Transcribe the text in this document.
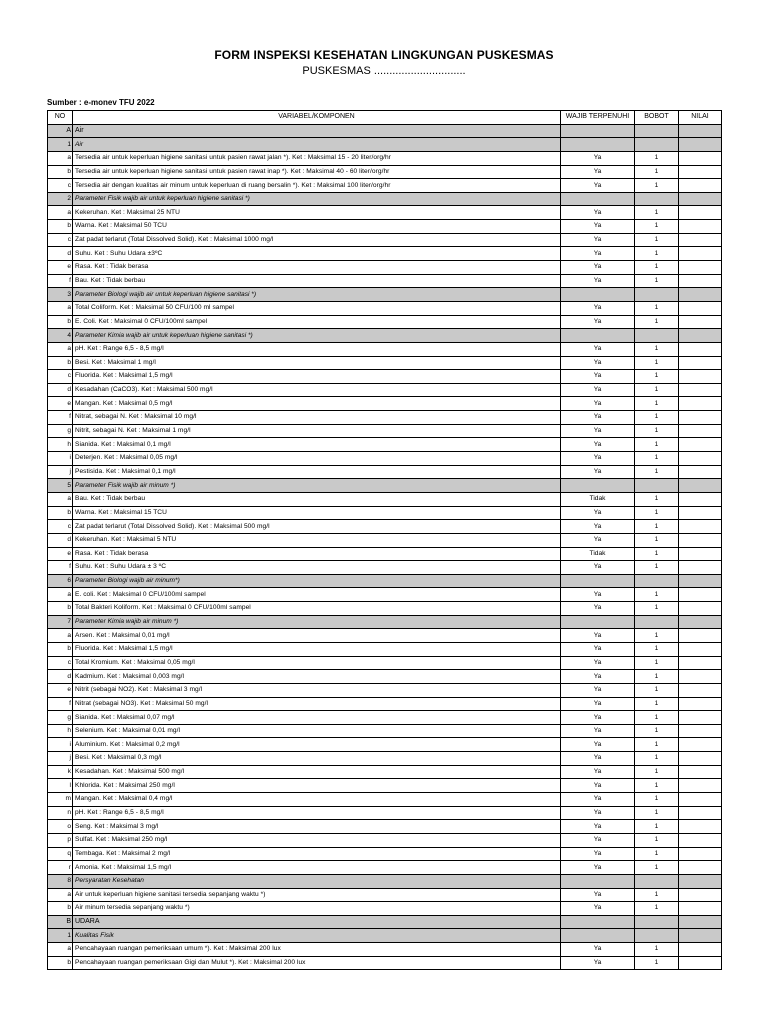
FORM INSPEKSI KESEHATAN LINGKUNGAN PUSKESMAS
PUSKESMAS ..............................
Sumber : e-monev TFU 2022
NO	VARIABEL/KOMPONEN	WAJIB TERPENUHI	BOBOT	NILAI
A	Air			
1	Air			
a	Tersedia air untuk keperluan higiene sanitasi untuk pasien rawat jalan *). Ket : Maksimal 15 - 20 liter/org/hr	Ya	1	
b	Tersedia air untuk keperluan higiene sanitasi untuk pasien rawat inap *). Ket : Maksimal 40 - 60 liter/org/hr	Ya	1	
c	Tersedia air dengan kualitas air minum untuk keperluan di ruang bersalin *). Ket : Maksimal 100 liter/org/hr	Ya	1	
2	Parameter Fisik wajib air untuk keperluan higiene sanitasi *)			
a	Kekeruhan. Ket : Maksimal 25 NTU	Ya	1	
b	Warna. Ket : Maksimal 50 TCU	Ya	1	
c	Zat padat terlarut (Total Dissolved Solid). Ket : Maksimal 1000 mg/l	Ya	1	
d	Suhu. Ket : Suhu Udara ±3ºC	Ya	1	
e	Rasa. Ket : Tidak berasa	Ya	1	
f	Bau. Ket : Tidak berbau	Ya	1	
3	Parameter Biologi wajib air untuk keperluan higiene sanitasi *)			
a	Total Coliform. Ket : Maksimal 50 CFU/100 ml sampel	Ya	1	
b	E. Coli. Ket : Maksimal 0 CFU/100ml sampel	Ya	1	
4	Parameter Kimia wajib air untuk keperluan higiene sanitasi *)			
a	pH. Ket : Range 6,5 - 8,5 mg/l	Ya	1	
b	Besi. Ket : Maksimal 1 mg/l	Ya	1	
c	Fluorida. Ket : Maksimal 1,5 mg/l	Ya	1	
d	Kesadahan (CaCO3). Ket : Maksimal 500 mg/l	Ya	1	
e	Mangan. Ket : Maksimal 0,5 mg/l	Ya	1	
f	Nitrat, sebagai N. Ket : Maksimal 10 mg/l	Ya	1	
g	Nitrit, sebagai N. Ket : Maksimal 1 mg/l	Ya	1	
h	Sianida. Ket : Maksimal 0,1 mg/l	Ya	1	
i	Deterjen. Ket : Maksimal 0,05 mg/l	Ya	1	
j	Pestisida. Ket : Maksimal 0,1 mg/l	Ya	1	
5	Parameter Fisik wajib air minum *)			
a	Bau. Ket : Tidak berbau	Tidak	1	
b	Warna. Ket : Maksimal 15 TCU	Ya	1	
c	Zat padat terlarut (Total Dissolved Solid). Ket : Maksimal 500 mg/l	Ya	1	
d	Kekeruhan. Ket : Maksimal 5 NTU	Ya	1	
e	Rasa. Ket : Tidak berasa	Tidak	1	
f	Suhu. Ket : Suhu Udara ± 3 ºC	Ya	1	
6	Parameter Biologi wajib air minum*)			
a	E. coli. Ket : Maksimal 0 CFU/100ml sampel	Ya	1	
b	Total Bakteri Koliform. Ket : Maksimal 0 CFU/100ml sampel	Ya	1	
7	Parameter Kimia wajib air minum *)			
a	Arsen. Ket : Maksimal 0,01 mg/l	Ya	1	
b	Fluorida. Ket : Maksimal 1,5 mg/l	Ya	1	
c	Total Kromium. Ket : Maksimal 0,05 mg/l	Ya	1	
d	Kadmium. Ket : Maksimal 0,003 mg/l	Ya	1	
e	Nitrit (sebagai NO2). Ket : Maksimal 3 mg/l	Ya	1	
f	Nitrat (sebagai NO3). Ket : Maksimal 50 mg/l	Ya	1	
g	Sianida. Ket : Maksimal 0,07 mg/l	Ya	1	
h	Selenium. Ket : Maksimal 0,01 mg/l	Ya	1	
i	Aluminium. Ket : Maksimal 0,2 mg/l	Ya	1	
j	Besi. Ket : Maksimal 0,3 mg/l	Ya	1	
k	Kesadahan. Ket : Maksimal 500 mg/l	Ya	1	
l	Khlorida. Ket : Maksimal 250 mg/l	Ya	1	
m	Mangan. Ket : Maksimal 0,4 mg/l	Ya	1	
n	pH. Ket : Range 6,5 - 8,5 mg/l	Ya	1	
o	Seng. Ket : Maksimal 3 mg/l	Ya	1	
p	Sulfat. Ket : Maksimal 250 mg/l	Ya	1	
q	Tembaga. Ket : Maksimal 2 mg/l	Ya	1	
r	Amonia. Ket : Maksimal 1,5 mg/l	Ya	1	
8	Persyaratan Kesehatan			
a	Air untuk keperluan higiene sanitasi tersedia sepanjang waktu *)	Ya	1	
b	Air minum tersedia sepanjang waktu *)	Ya	1	
B	UDARA			
1	Kualitas Fisik			
a	Pencahayaan ruangan pemeriksaan umum *). Ket : Maksimal 200 lux	Ya	1	
b	Pencahayaan ruangan pemeriksaan Gigi dan Mulut *). Ket : Maksimal 200 lux	Ya	1	
